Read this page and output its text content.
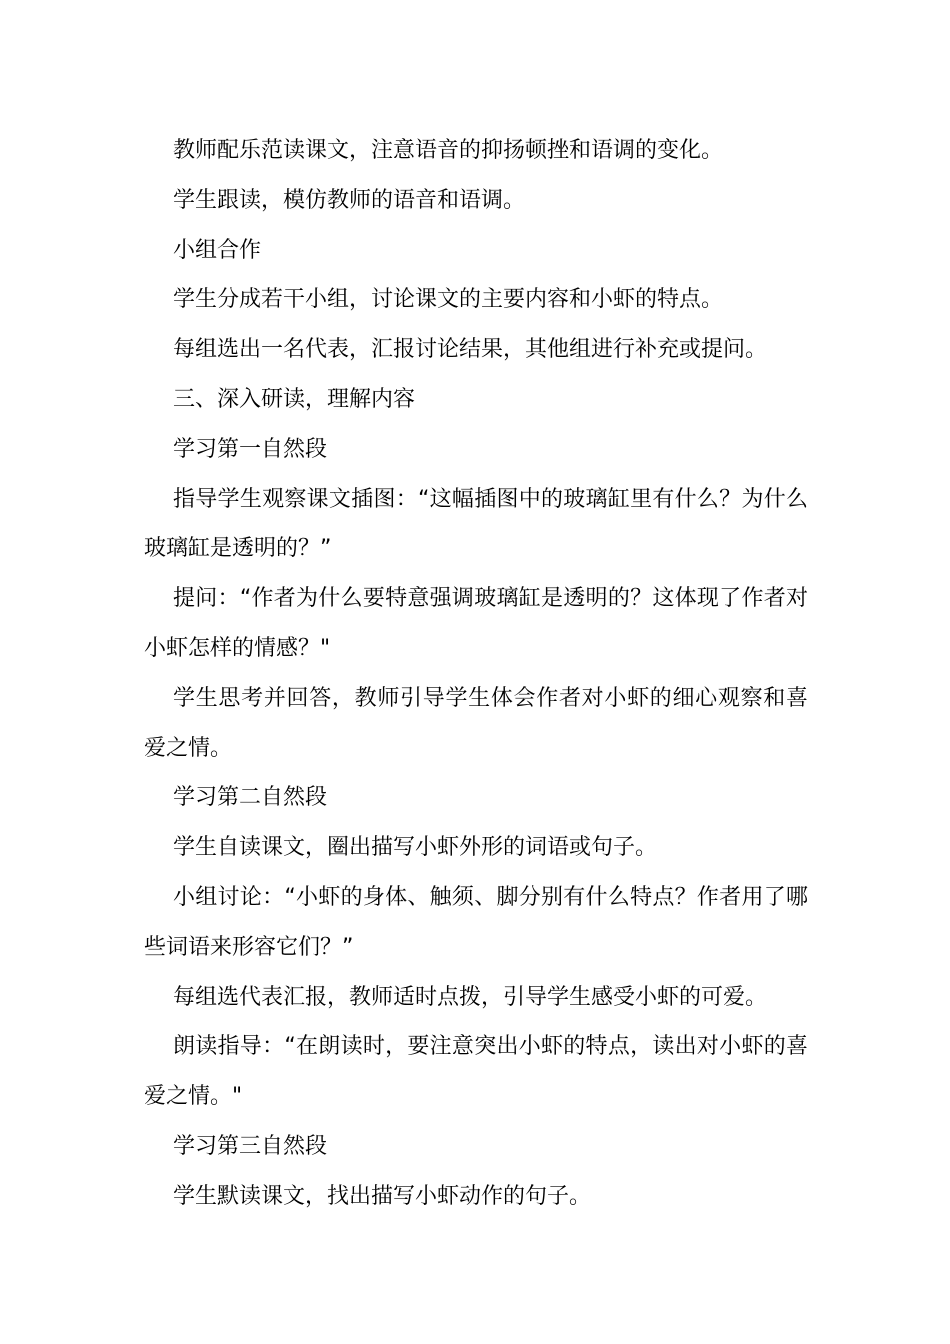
教师配乐范读课文，注意语音的抑扬顿挫和语调的变化。

学生跟读，模仿教师的语音和语调。

小组合作

学生分成若干小组，讨论课文的主要内容和小虾的特点。

每组选出一名代表，汇报讨论结果，其他组进行补充或提问。

三、深入研读，理解内容

学习第一自然段

指导学生观察课文插图：“这幅插图中的玻璃缸里有什么？为什么玻璃缸是透明的？”

提问：“作者为什么要特意强调玻璃缸是透明的？这体现了作者对小虾怎样的情感？"

学生思考并回答，教师引导学生体会作者对小虾的细心观察和喜爱之情。

学习第二自然段

学生自读课文，圈出描写小虾外形的词语或句子。

小组讨论：“小虾的身体、触须、脚分别有什么特点？作者用了哪些词语来形容它们？”

每组选代表汇报，教师适时点拨，引导学生感受小虾的可爱。

朗读指导：“在朗读时，要注意突出小虾的特点，读出对小虾的喜爱之情。"

学习第三自然段

学生默读课文，找出描写小虾动作的句子。
